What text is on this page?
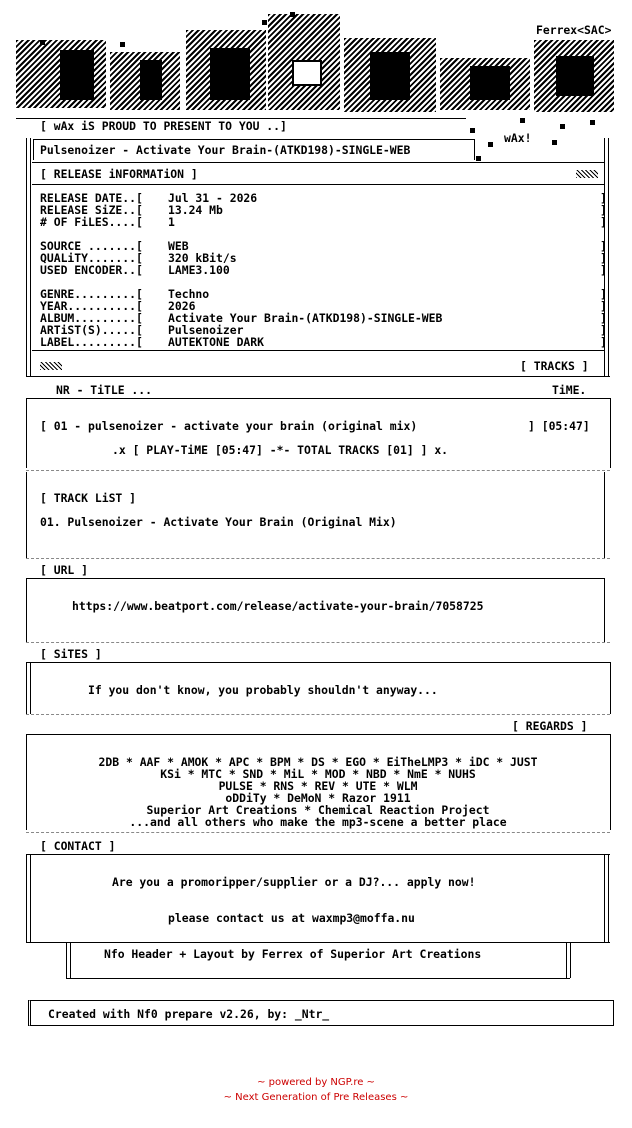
Ferrex<SAC>
[ wAx iS PROUD TO PRESENT TO YOU ..]
wAx!
Pulsenoizer - Activate Your Brain-(ATKD198)-SINGLE-WEB
[ RELEASE iNFORMATiON ]
RELEASE DATE..[ Jul 31 - 2026	]
RELEASE SiZE..[ 13.24 Mb	]
# OF FiLES....[ 1	]
SOURCE .......[ WEB	]
QUALiTY.......[ 320 kBit/s	]
USED ENCODER..[ LAME3.100	]
GENRE.........[ Techno	]
YEAR..........[ 2026	]
ALBUM.........[ Activate Your Brain-(ATKD198)-SINGLE-WEB	]
ARTiST(S).....[ Pulsenoizer	]
LABEL.........[ AUTEKTONE DARK	]
[ TRACKS ]
NR - TiTLE ...	TiME.
[ 01 - pulsenoizer - activate your brain (original mix)	] [05:47]
.x [ PLAY-TiME [05:47] -*- TOTAL TRACKS [01] ] x.
[ TRACK LiST ]
01. Pulsenoizer - Activate Your Brain (Original Mix)
[ URL ]
https://www.beatport.com/release/activate-your-brain/7058725
[ SiTES ]
If you don't know, you probably shouldn't anyway...
[ REGARDS ]
2DB * AAF * AMOK * APC * BPM * DS * EGO * EiTheLMP3 * iDC * JUST
KSi * MTC * SND * MiL * MOD * NBD * NmE * NUHS
PULSE * RNS * REV * UTE * WLM
oDDiTy * DeMoN * Razor 1911
Superior Art Creations * Chemical Reaction Project
...and all others who make the mp3-scene a better place
[ CONTACT ]
Are you a promoripper/supplier or a DJ?... apply now!
please contact us at waxmp3@moffa.nu
Nfo Header + Layout by Ferrex of Superior Art Creations
Created with Nf0 prepare v2.26, by: _Ntr_
~ powered by NGP.re ~
~ Next Generation of Pre Releases ~
